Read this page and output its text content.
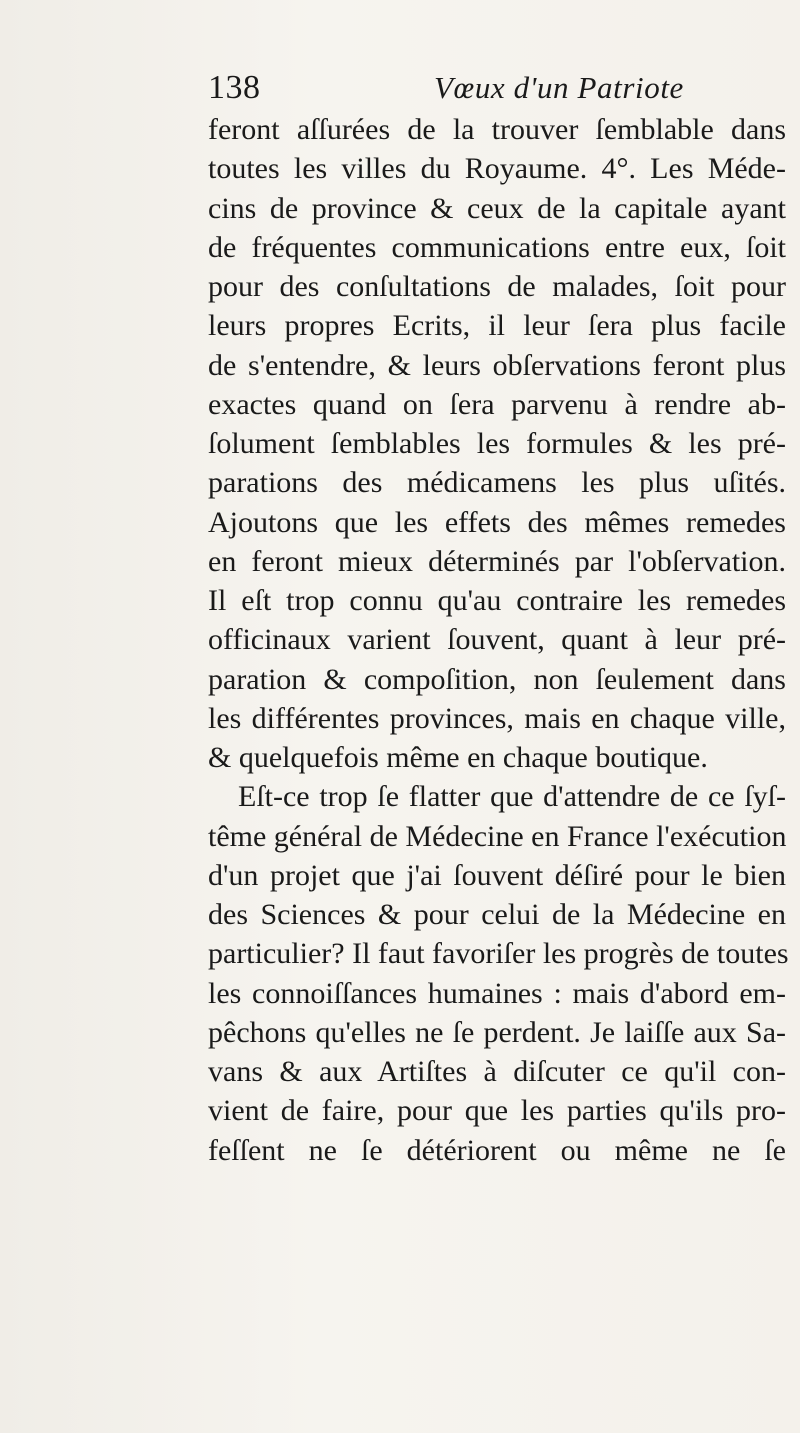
138	Vœux d'un Patriote
feront aſſurées de la trouver ſemblable dans
toutes les villes du Royaume. 4°. Les Méde-
cins de province & ceux de la capitale ayant
de fréquentes communications entre eux, ſoit
pour des conſultations de malades, ſoit pour
leurs propres Ecrits, il leur ſera plus facile
de s'entendre, & leurs obſervations feront plus
exactes quand on ſera parvenu à rendre ab-
ſolument ſemblables les formules & les pré-
parations des médicamens les plus uſités.
Ajoutons que les effets des mêmes remedes
en feront mieux déterminés par l'obſervation.
Il eſt trop connu qu'au contraire les remedes
officinaux varient ſouvent, quant à leur pré-
paration & compoſition, non ſeulement dans
les différentes provinces, mais en chaque ville,
& quelquefois même en chaque boutique.
Eſt-ce trop ſe flatter que d'attendre de ce ſyſ-
tême général de Médecine en France l'exécution
d'un projet que j'ai ſouvent déſiré pour le bien
des Sciences & pour celui de la Médecine en
particulier? Il faut favoriſer les progrès de toutes
les connoiſſances humaines : mais d'abord em-
pêchons qu'elles ne ſe perdent. Je laiſſe aux Sa-
vans & aux Artiſtes à diſcuter ce qu'il con-
vient de faire, pour que les parties qu'ils pro-
feſſent ne ſe détériorent ou même ne ſe
